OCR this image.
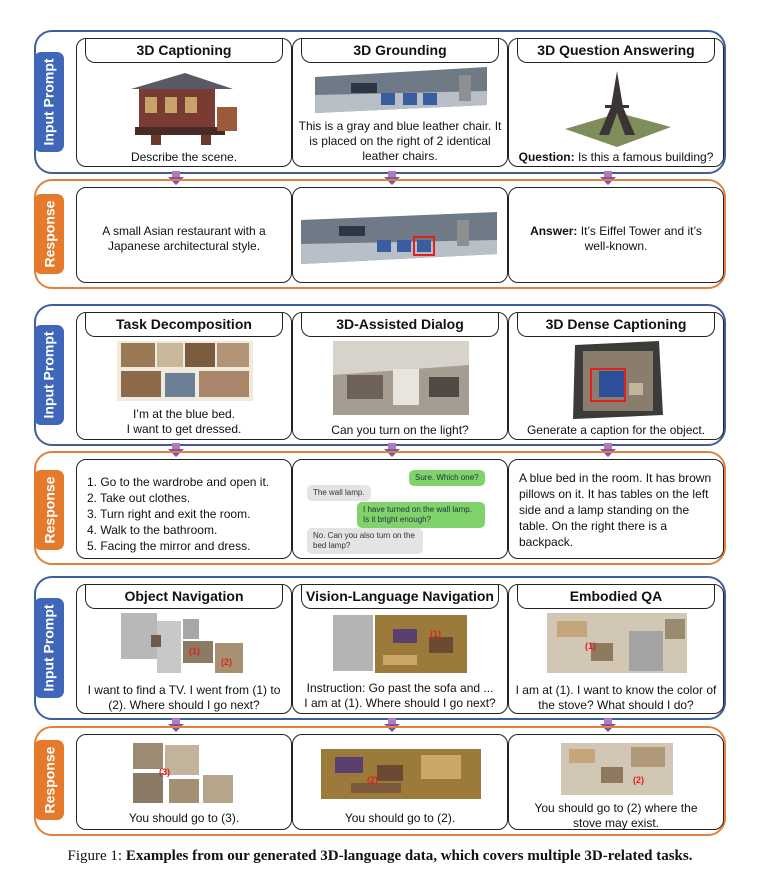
Input Prompt
3D Captioning
Describe the scene.
3D Grounding
This is a gray and blue leather chair. It is placed on the right of 2 identical leather chairs.
3D Question Answering
Question: Is this a famous building?
Response	A small Asian restaurant with a Japanese architectural style.
Answer: It’s Eiffel Tower and it’s well-known.
Input Prompt
Task Decomposition
I’m at the blue bed.
I want to get dressed.
3D-Assisted Dialog
Can you turn on the light?
3D Dense Captioning
Generate a caption for the object.
Response 1. Go to the wardrobe and open it.
2. Take out clothes.
3. Turn right and exit the room.
4. Walk to the bathroom.
5. Facing the mirror and dress.
Sure. Which one?
The wall lamp.
I have turned on the wall lamp. Is it bright enough?
No. Can you also turn on the bed lamp?
A blue bed in the room. It has brown pillows on it. It has tables on the left side and a lamp standing on the table. On the right there is a backpack.
Input Prompt
Object Navigation
(1)
(2)
I want to find a TV. I went from (1) to (2). Where should I go next?
Vision-Language Navigation
(1)
Instruction: Go past the sofa and ...
I am at (1). Where should I go next?
Embodied QA
(1)
I am at (1). I want to know the color of the stove? What should I do?
Response	(3)
You should go to (3).
(2)
You should go to (2).
(2)
You should go to (2) where the stove may exist.
Figure 1: Examples from our generated 3D-language data, which covers multiple 3D-related tasks.
